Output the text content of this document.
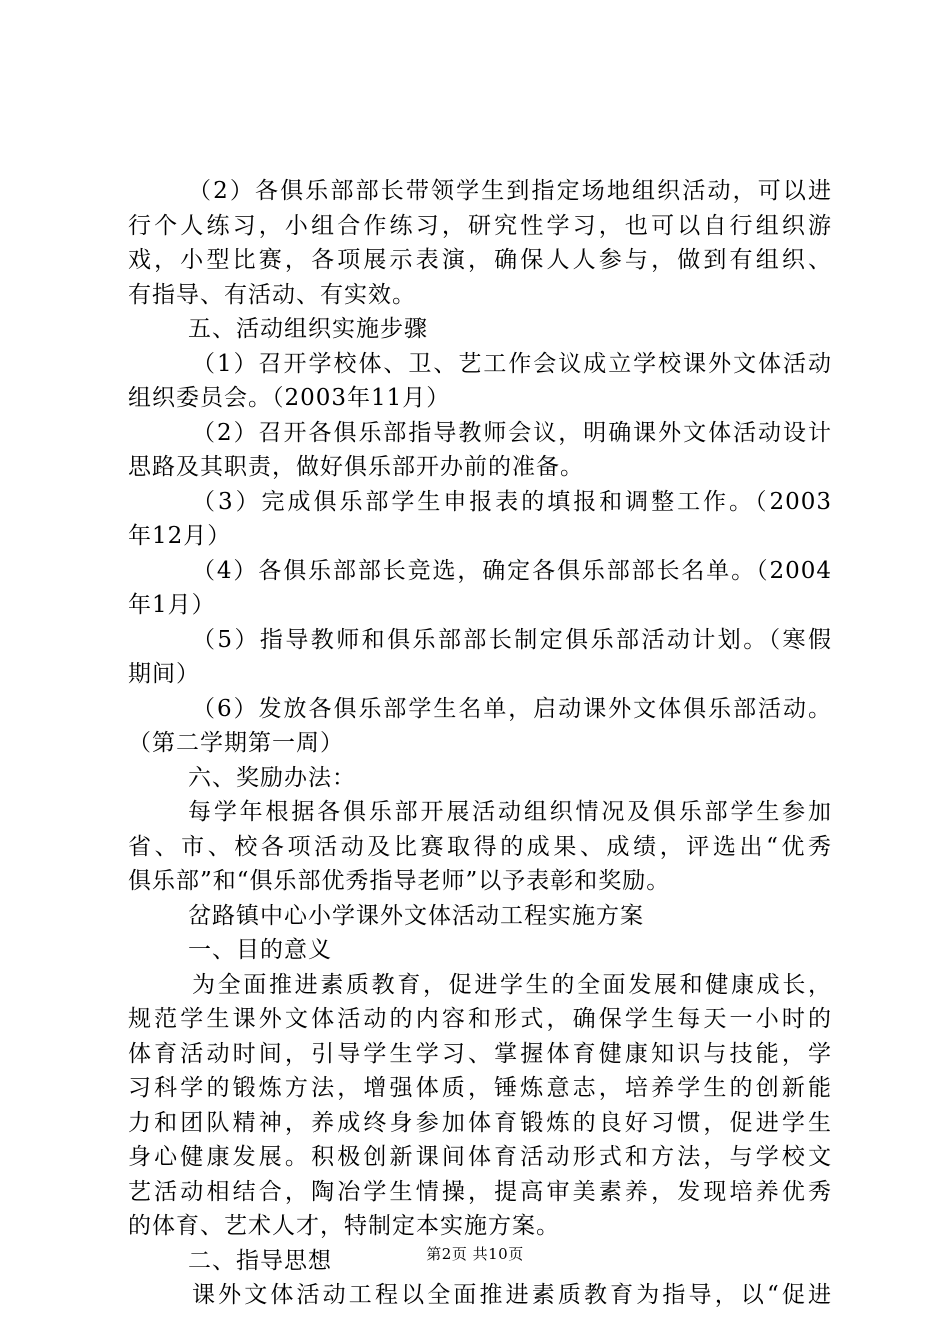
（2）各俱乐部部长带领学生到指定场地组织活动，可以进
行个人练习，小组合作练习，研究性学习，也可以自行组织游
戏，小型比赛，各项展示表演，确保人人参与，做到有组织、
有指导、有活动、有实效。
五、活动组织实施步骤
（1）召开学校体、卫、艺工作会议成立学校课外文体活动
组织委员会。（2003年11月）
（2）召开各俱乐部指导教师会议，明确课外文体活动设计
思路及其职责，做好俱乐部开办前的准备。
（3）完成俱乐部学生申报表的填报和调整工作。（2003
年12月）
（4）各俱乐部部长竞选，确定各俱乐部部长名单。（2004
年1月）
（5）指导教师和俱乐部部长制定俱乐部活动计划。（寒假
期间）
（6）发放各俱乐部学生名单，启动课外文体俱乐部活动。
（第二学期第一周）
六、奖励办法：
每学年根据各俱乐部开展活动组织情况及俱乐部学生参加
省、市、校各项活动及比赛取得的成果、成绩，评选出“优秀
俱乐部”和“俱乐部优秀指导老师”以予表彰和奖励。
岔路镇中心小学课外文体活动工程实施方案
一、目的意义
为全面推进素质教育，促进学生的全面发展和健康成长，
规范学生课外文体活动的内容和形式，确保学生每天一小时的
体育活动时间，引导学生学习、掌握体育健康知识与技能，学
习科学的锻炼方法，增强体质，锤炼意志，培养学生的创新能
力和团队精神，养成终身参加体育锻炼的良好习惯，促进学生
身心健康发展。积极创新课间体育活动形式和方法，与学校文
艺活动相结合，陶冶学生情操，提高审美素养，发现培养优秀
的体育、艺术人才，特制定本实施方案。
二、指导思想
课外文体活动工程以全面推进素质教育为指导，以“促进
第2页 共10页
